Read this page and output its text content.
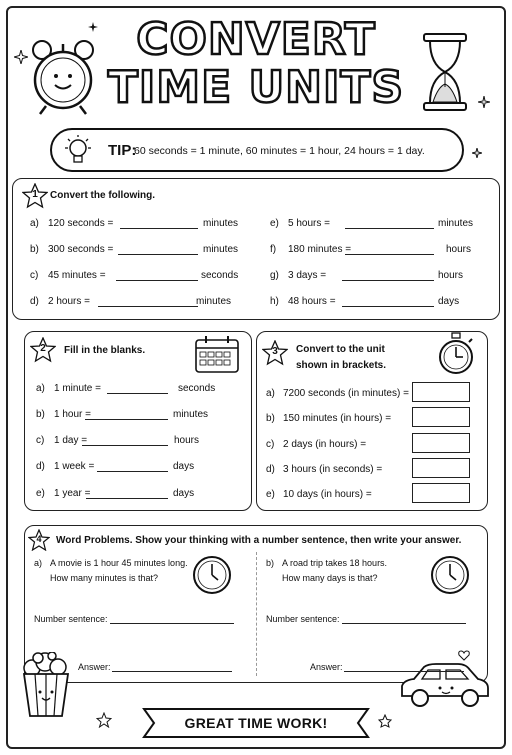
CONVERT
TIME UNITS
TIP:
60 seconds = 1 minute, 60 minutes = 1 hour, 24 hours = 1 day.
1	Convert the following.
2	Fill in the blanks.	3	Convert to the unit
shown in brackets.
4	Word Problems. Show your thinking with a number sentence, then write your answer.
GREAT TIME WORK!
a) 120 seconds =	minutes
b) 300 seconds =	minutes
c) 45 minutes =	seconds
d) 2 hours =	minutes
e) 5 hours =	minutes
f) 180 minutes =	hours
g) 3 days =	hours
h) 48 hours =	days
a) 1 minute =	seconds
b) 1 hour =	minutes
c) 1 day =	hours
d) 1 week =	days
e) 1 year =	days
a) 7200 seconds (in minutes) =
b) 150 minutes (in hours) =
c) 2 days (in hours) =
d) 3 hours (in seconds) =
e) 10 days (in hours) =
a) A movie is 1 hour 45 minutes long.
How many minutes is that?
Number sentence:
Answer:
b) A road trip takes 18 hours.
How many days is that?
Number sentence:
Answer:
